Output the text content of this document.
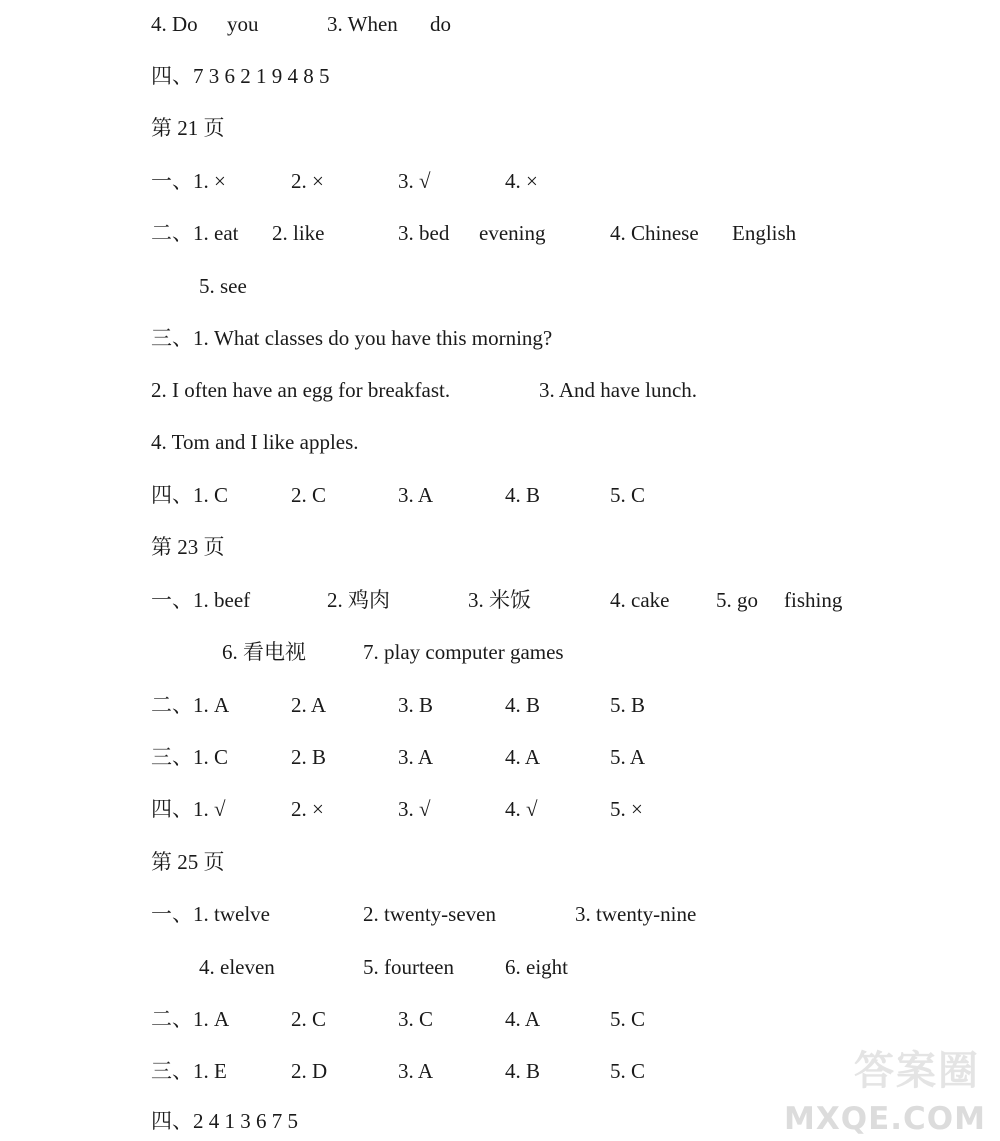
4. Do you	3. When do
四、7 3 6 2 1 9 4 8 5
第 21 页
一、1. ×	2. ×	3. √	4. ×
二、1. eat 2. like	3. bed evening	4. Chinese English
5. see
三、1. What classes do you have this morning?
2. I often have an egg for breakfast.	3. And have lunch.
4. Tom and I like apples.
四、1. C	2. C	3. A	4. B	5. C
第 23 页
一、1. beef	2. 鸡肉	3. 米饭	4. cake 5. go fishing
6. 看电视	7. play computer games
二、1. A	2. A	3. B	4. B	5. B
三、1. C	2. B	3. A	4. A	5. A
四、1. √	2. ×	3. √	4. √	5. ×
第 25 页
一、1. twelve	2. twenty-seven	3. twenty-nine
4. eleven	5. fourteen 6. eight
二、1. A	2. C	3. C	4. A	5. C
三、1. E	2. D	3. A	4. B	5. C
四、2 4 1 3 6 7 5
答案圈
MXQE.COM
